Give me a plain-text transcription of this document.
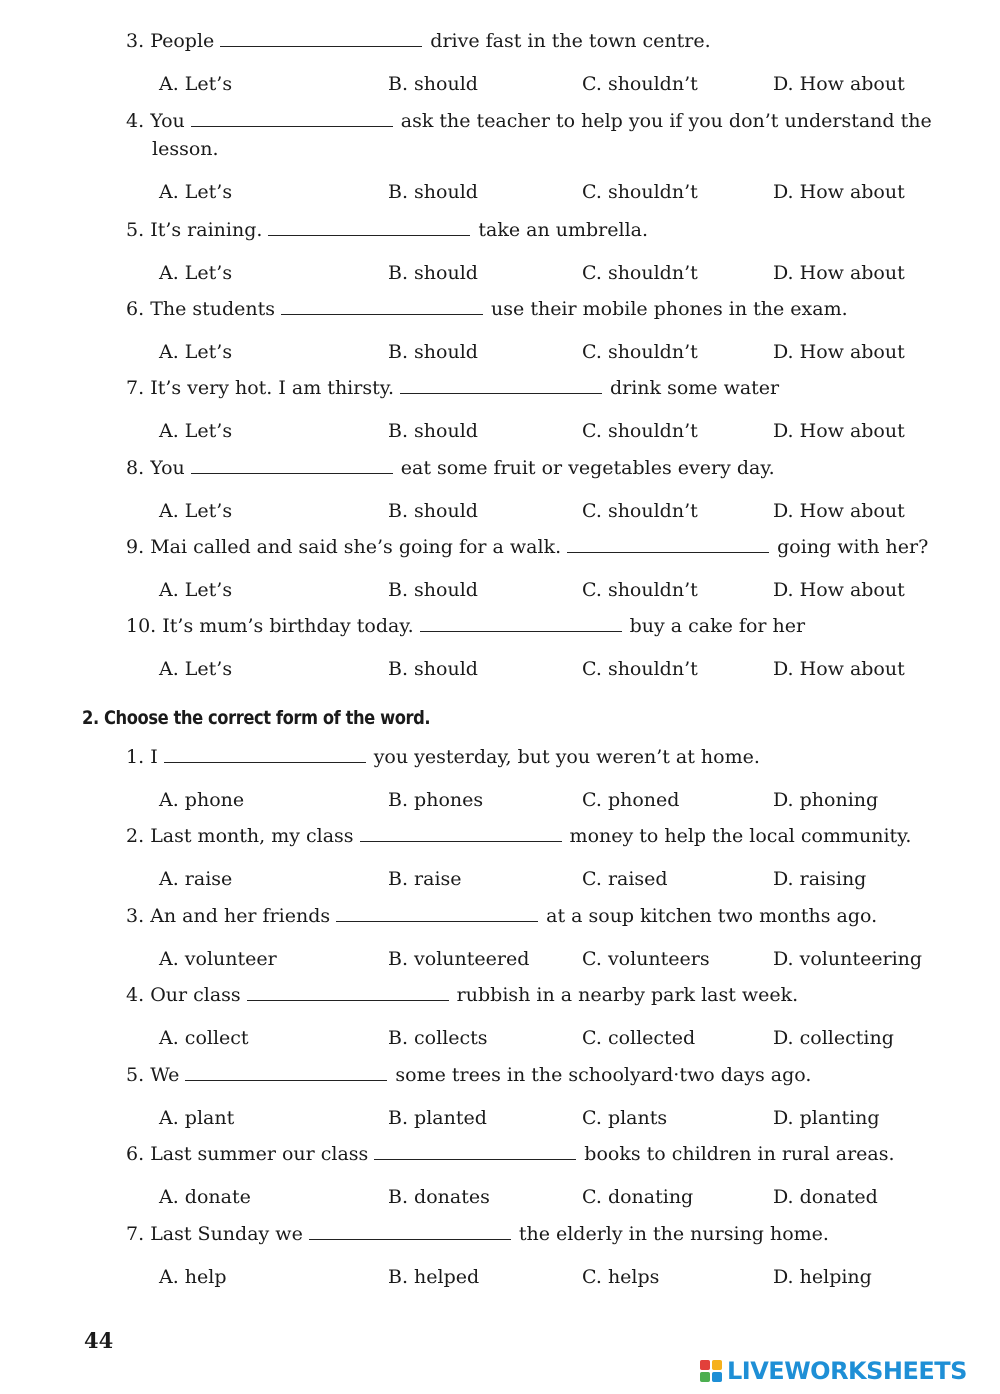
3. People	drive fast in the town centre.
A. Let’s	B. should	C. shouldn’t	D. How about
4. You	ask the teacher to help you if you don’t understand the
lesson.
A. Let’s	B. should	C. shouldn’t	D. How about
5. It’s raining.	take an umbrella.
A. Let’s	B. should	C. shouldn’t	D. How about
6. The students	use their mobile phones in the exam.
A. Let’s	B. should	C. shouldn’t	D. How about
7. It’s very hot. I am thirsty.	drink some water
A. Let’s	B. should	C. shouldn’t	D. How about
8. You	eat some fruit or vegetables every day.
A. Let’s	B. should	C. shouldn’t	D. How about
9. Mai called and said she’s going for a walk.	going with her?
A. Let’s	B. should	C. shouldn’t	D. How about
10. It’s mum’s birthday today.	buy a cake for her
A. Let’s	B. should	C. shouldn’t	D. How about
2. Choose the correct form of the word.
1. I	you yesterday, but you weren’t at home.
A. phone	B. phones	C. phoned	D. phoning
2. Last month, my class	money to help the local community.
A. raise	B. raise	C. raised	D. raising
3. An and her friends	at a soup kitchen two months ago.
A. volunteer	B. volunteered	C. volunteers	D. volunteering
4. Our class	rubbish in a nearby park last week.
A. collect	B. collects	C. collected	D. collecting
5. We	some trees in the schoolyard·two days ago.
A. plant	B. planted	C. plants	D. planting
6. Last summer our class	books to children in rural areas.
A. donate	B. donates	C. donating	D. donated
7. Last Sunday we	the elderly in the nursing home.
A. help	B. helped	C. helps	D. helping
44
LIVEWORKSHEETS
